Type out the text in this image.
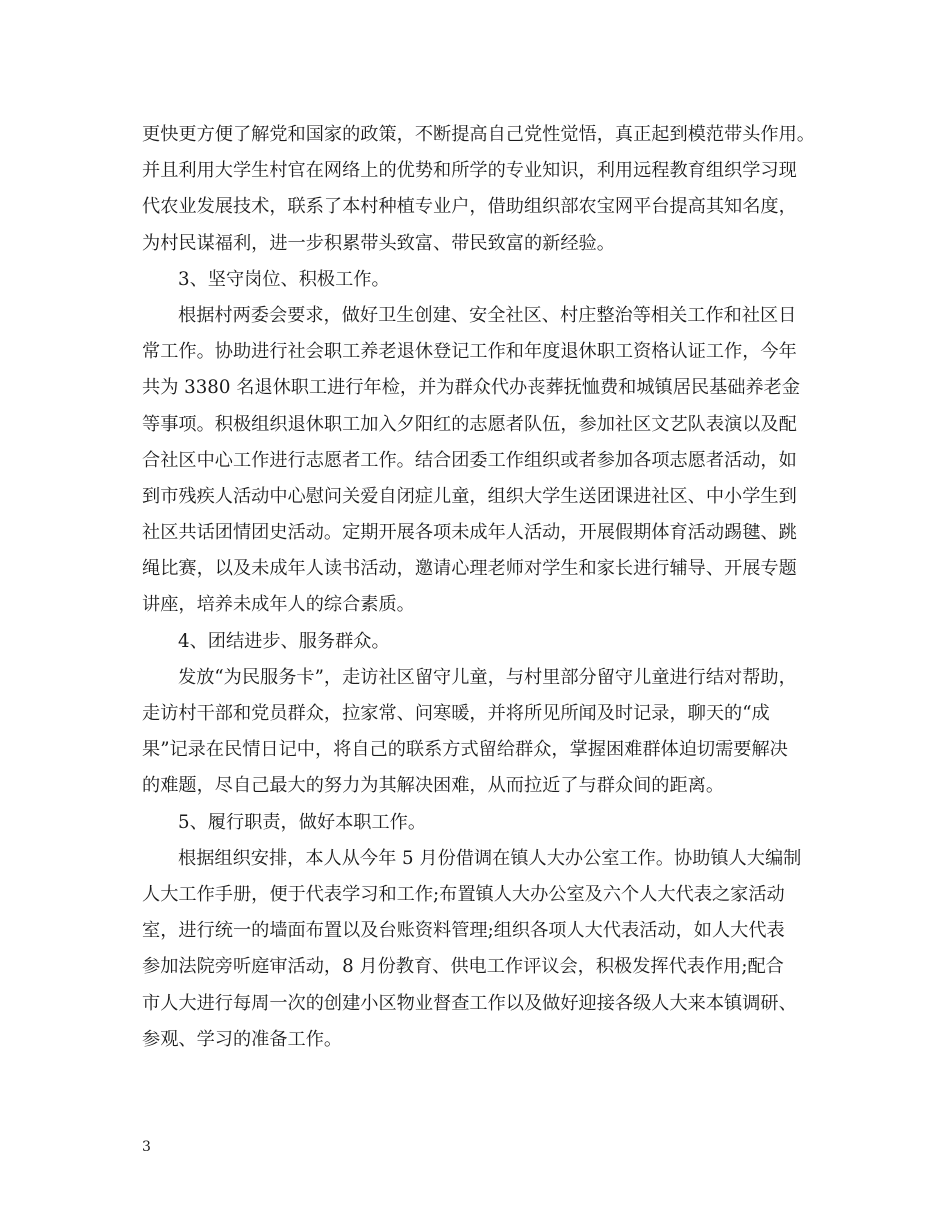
更快更方便了解党和国家的政策，不断提高自己党性觉悟，真正起到模范带头作用。
并且利用大学生村官在网络上的优势和所学的专业知识，利用远程教育组织学习现
代农业发展技术，联系了本村种植专业户，借助组织部农宝网平台提高其知名度，
为村民谋福利，进一步积累带头致富、带民致富的新经验。
3、坚守岗位、积极工作。
根据村两委会要求，做好卫生创建、安全社区、村庄整治等相关工作和社区日
常工作。协助进行社会职工养老退休登记工作和年度退休职工资格认证工作，今年
共为 3380 名退休职工进行年检，并为群众代办丧葬抚恤费和城镇居民基础养老金
等事项。积极组织退休职工加入夕阳红的志愿者队伍，参加社区文艺队表演以及配
合社区中心工作进行志愿者工作。结合团委工作组织或者参加各项志愿者活动，如
到市残疾人活动中心慰问关爱自闭症儿童，组织大学生送团课进社区、中小学生到
社区共话团情团史活动。定期开展各项未成年人活动，开展假期体育活动踢毽、跳
绳比赛，以及未成年人读书活动，邀请心理老师对学生和家长进行辅导、开展专题
讲座，培养未成年人的综合素质。
4、团结进步、服务群众。
发放“为民服务卡”，走访社区留守儿童，与村里部分留守儿童进行结对帮助，
走访村干部和党员群众，拉家常、问寒暖，并将所见所闻及时记录，聊天的“成
果”记录在民情日记中，将自己的联系方式留给群众，掌握困难群体迫切需要解决
的难题，尽自己最大的努力为其解决困难，从而拉近了与群众间的距离。
5、履行职责，做好本职工作。
根据组织安排，本人从今年 5 月份借调在镇人大办公室工作。协助镇人大编制
人大工作手册，便于代表学习和工作;布置镇人大办公室及六个人大代表之家活动
室，进行统一的墙面布置以及台账资料管理;组织各项人大代表活动，如人大代表
参加法院旁听庭审活动，8 月份教育、供电工作评议会，积极发挥代表作用;配合
市人大进行每周一次的创建小区物业督查工作以及做好迎接各级人大来本镇调研、
参观、学习的准备工作。
3
